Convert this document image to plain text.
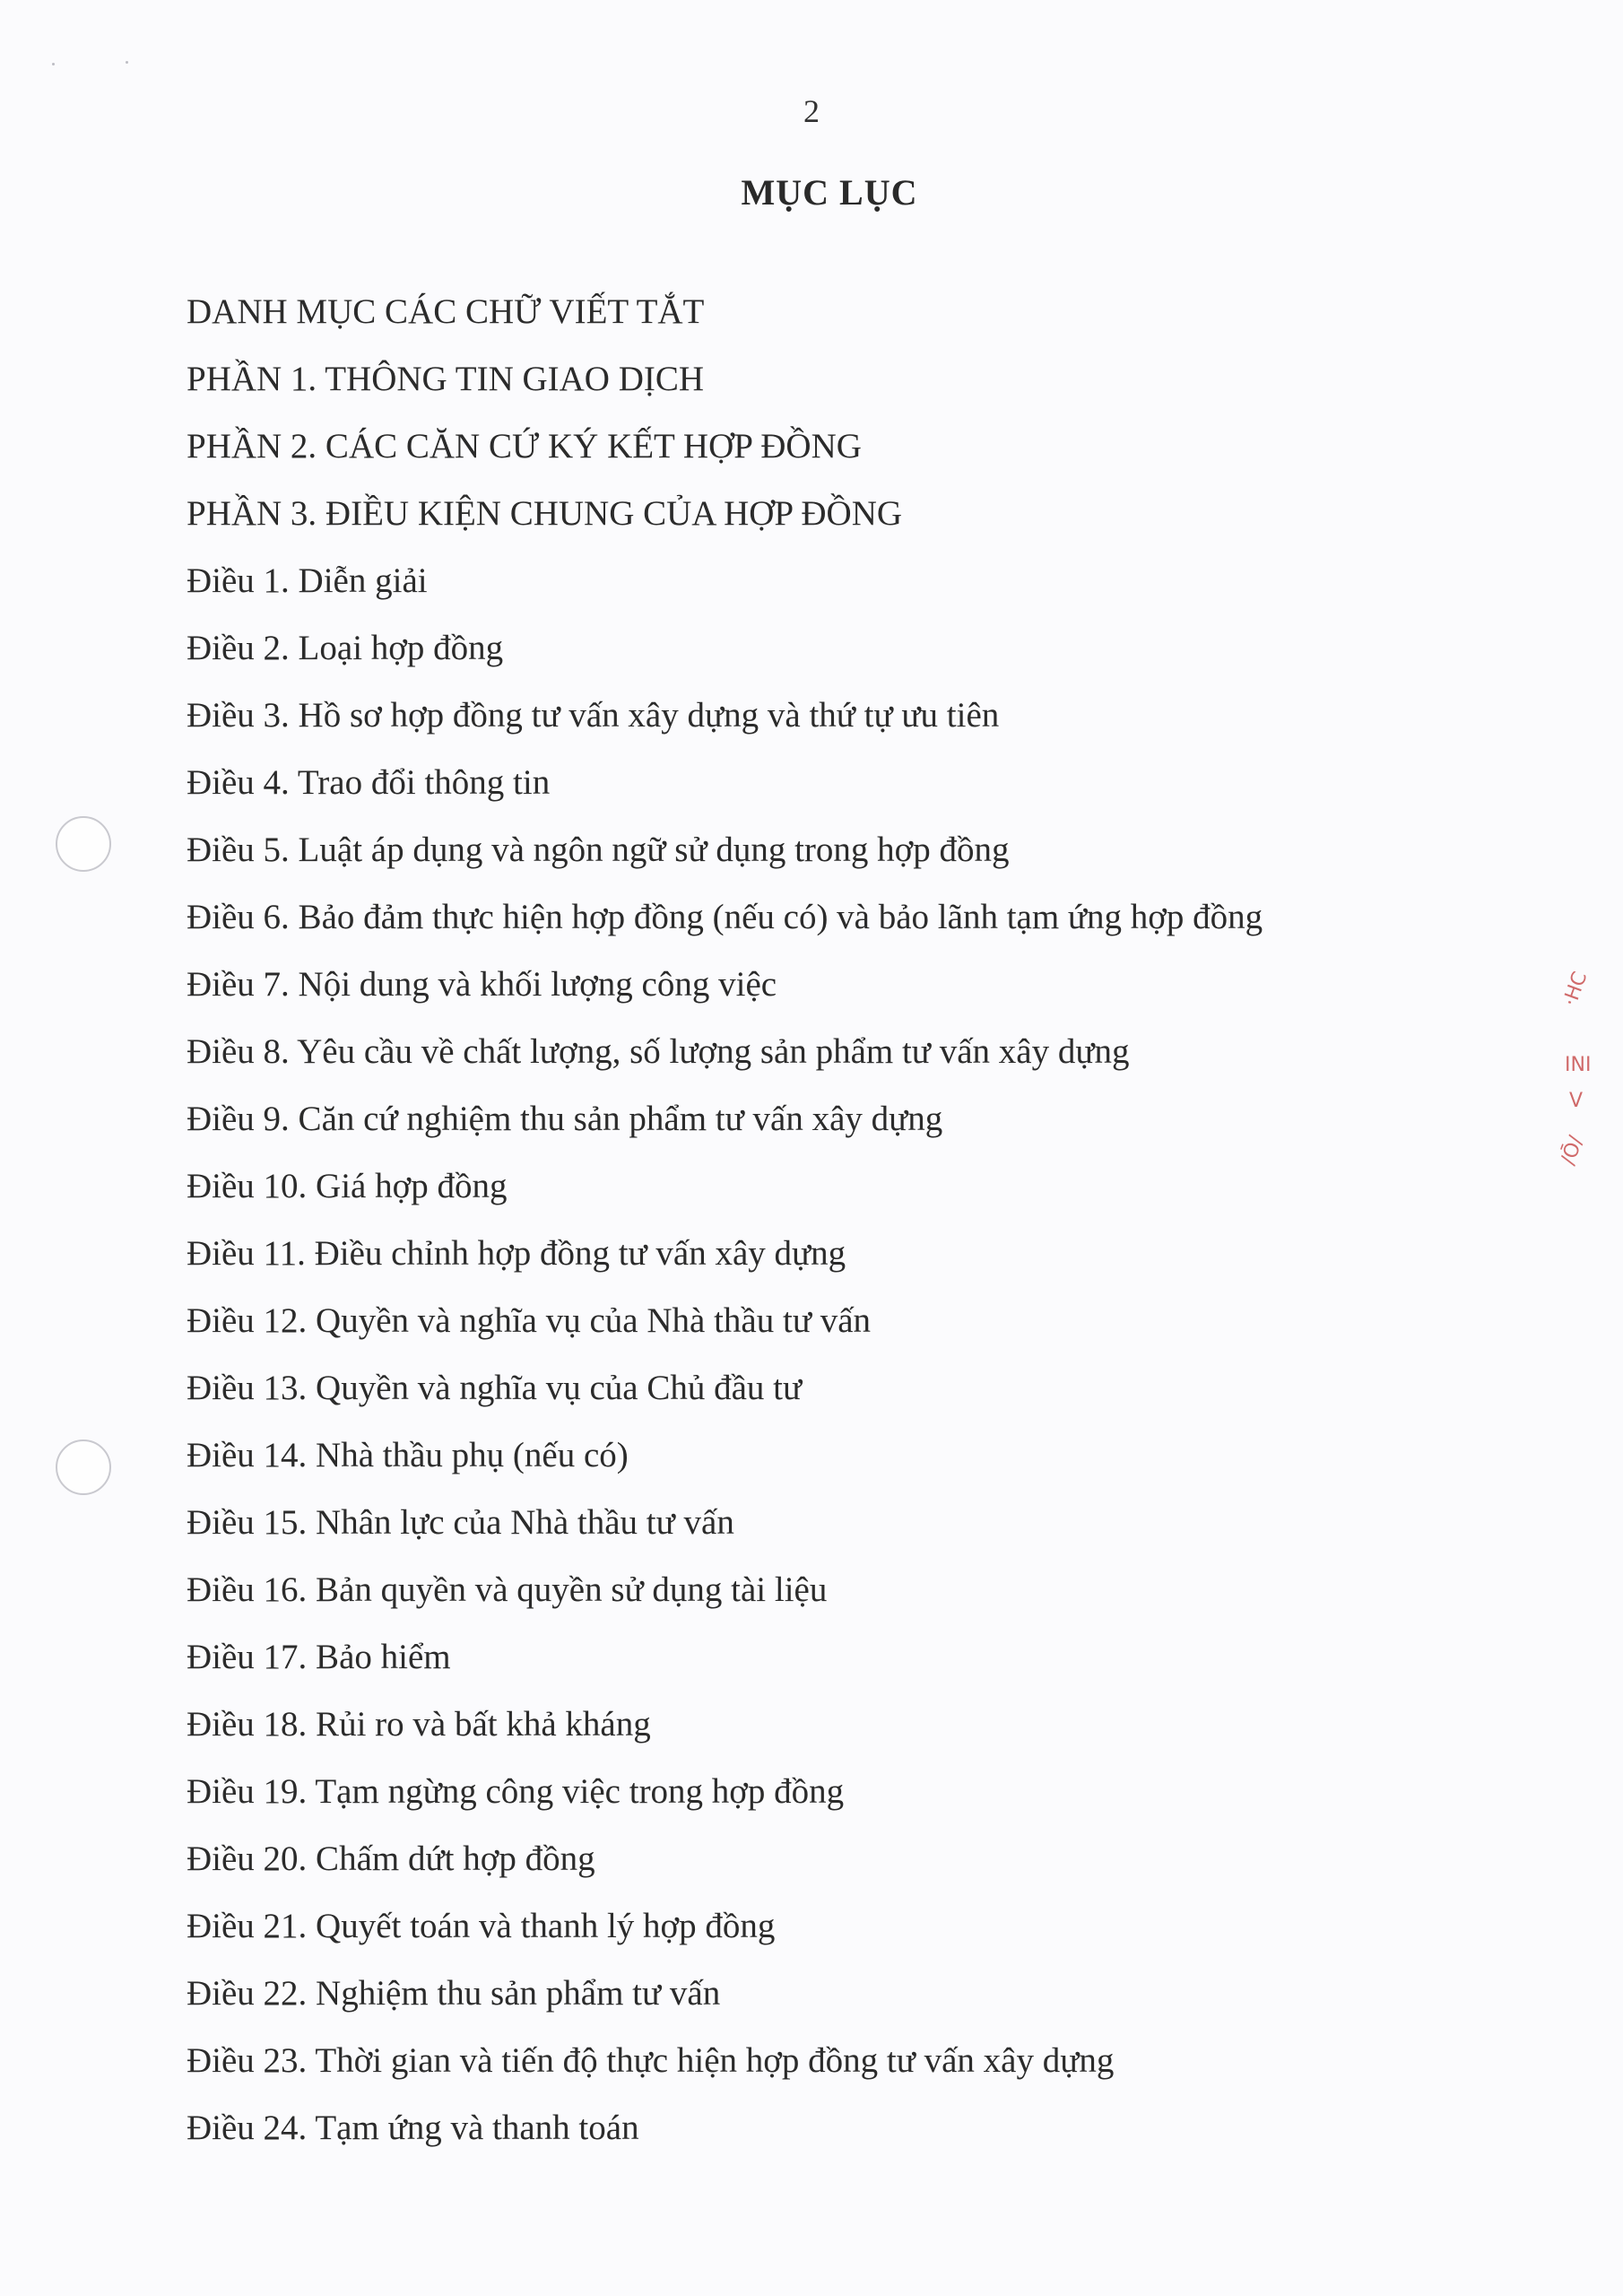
2
MỤC LỤC
DANH MỤC CÁC CHỮ VIẾT TẮT
PHẦN 1. THÔNG TIN GIAO DỊCH
PHẦN 2. CÁC CĂN CỨ KÝ KẾT HỢP ĐỒNG
PHẦN 3. ĐIỀU KIỆN CHUNG CỦA HỢP ĐỒNG
Điều 1. Diễn giải
Điều 2. Loại hợp đồng
Điều 3. Hồ sơ hợp đồng tư vấn xây dựng và thứ tự ưu tiên
Điều 4. Trao đổi thông tin
Điều 5. Luật áp dụng và ngôn ngữ sử dụng trong hợp đồng
Điều 6. Bảo đảm thực hiện hợp đồng (nếu có) và bảo lãnh tạm ứng hợp đồng
Điều 7. Nội dung và khối lượng công việc
Điều 8. Yêu cầu về chất lượng, số lượng sản phẩm tư vấn xây dựng
Điều 9. Căn cứ nghiệm thu sản phẩm tư vấn xây dựng
Điều 10. Giá hợp đồng
Điều 11. Điều chỉnh hợp đồng tư vấn xây dựng
Điều 12. Quyền và nghĩa vụ của Nhà thầu tư vấn
Điều 13. Quyền và nghĩa vụ của Chủ đầu tư
Điều 14. Nhà thầu phụ (nếu có)
Điều 15. Nhân lực của Nhà thầu tư vấn
Điều 16. Bản quyền và quyền sử dụng tài liệu
Điều 17. Bảo hiểm
Điều 18. Rủi ro và bất khả kháng
Điều 19. Tạm ngừng công việc trong hợp đồng
Điều 20. Chấm dứt hợp đồng
Điều 21. Quyết toán và thanh lý hợp đồng
Điều 22. Nghiệm thu sản phẩm tư vấn
Điều 23. Thời gian và tiến độ thực hiện hợp đồng tư vấn xây dựng
Điều 24. Tạm ứng và thanh toán
·HC
INI
V
/Ō/
